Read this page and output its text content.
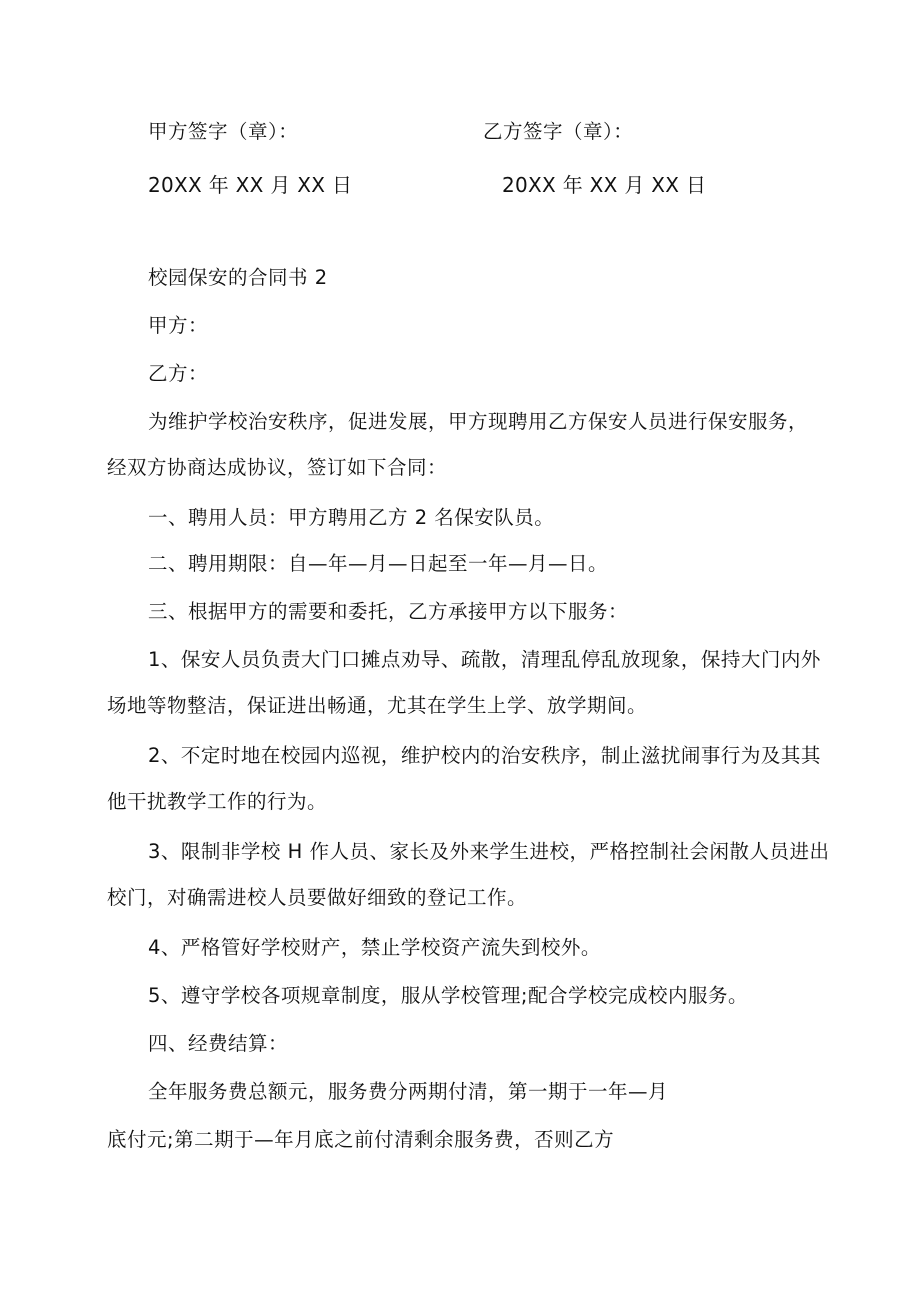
甲方签字（章）：	乙方签字（章）：
20XX 年 XX 月 XX 日	20XX 年 XX 月 XX 日
校园保安的合同书 2
甲方：
乙方：
为维护学校治安秩序，促进发展，甲方现聘用乙方保安人员进行保安服务，
经双方协商达成协议，签订如下合同：
一、聘用人员：甲方聘用乙方 2 名保安队员。
二、聘用期限：自—年—月—日起至一年—月—日。
三、根据甲方的需要和委托，乙方承接甲方以下服务：
1、保安人员负责大门口摊点劝导、疏散，清理乱停乱放现象，保持大门内外
场地等物整洁，保证进出畅通，尤其在学生上学、放学期间。
2、不定时地在校园内巡视，维护校内的治安秩序，制止滋扰闹事行为及其其
他干扰教学工作的行为。
3、限制非学校 H 作人员、家长及外来学生进校，严格控制社会闲散人员进出
校门，对确需进校人员要做好细致的登记工作。
4、严格管好学校财产，禁止学校资产流失到校外。
5、遵守学校各项规章制度，服从学校管理;配合学校完成校内服务。
四、经费结算：
全年服务费总额元，服务费分两期付清，第一期于一年—月
底付元;第二期于—年月底之前付清剩余服务费，否则乙方
